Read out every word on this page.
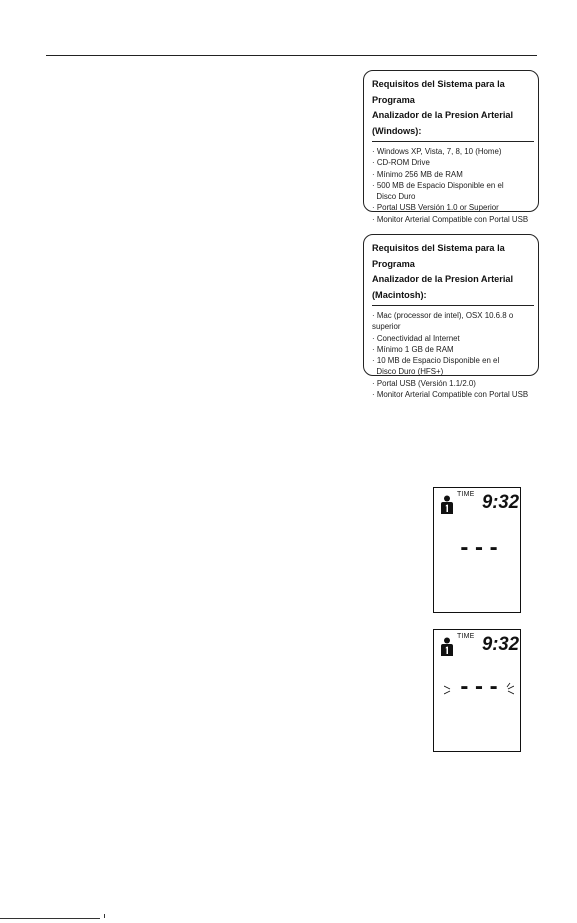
Requisitos del Sistema para la Programa
Analizador de la Presion Arterial
(Windows):
· Windows XP, Vista, 7, 8, 10 (Home)
· CD-ROM Drive
· Mínimo 256 MB de RAM
· 500 MB de Espacio Disponible en el
Disco Duro
· Portal USB Versión 1.0 or Superior
· Monitor Arterial Compatible con Portal USB
Requisitos del Sistema para la Programa
Analizador de la Presion Arterial
(Macintosh):
· Mac (processor de intel), OSX 10.6.8 o superior
· Conectividad al Internet
· Mínimo 1 GB de RAM
· 10 MB de Espacio Disponible en el
Disco Duro (HFS+)
· Portal USB (Versión 1.1/2.0)
· Monitor Arterial Compatible con Portal USB
TIME 9:32
- - -
TIME 9:32
- - -
